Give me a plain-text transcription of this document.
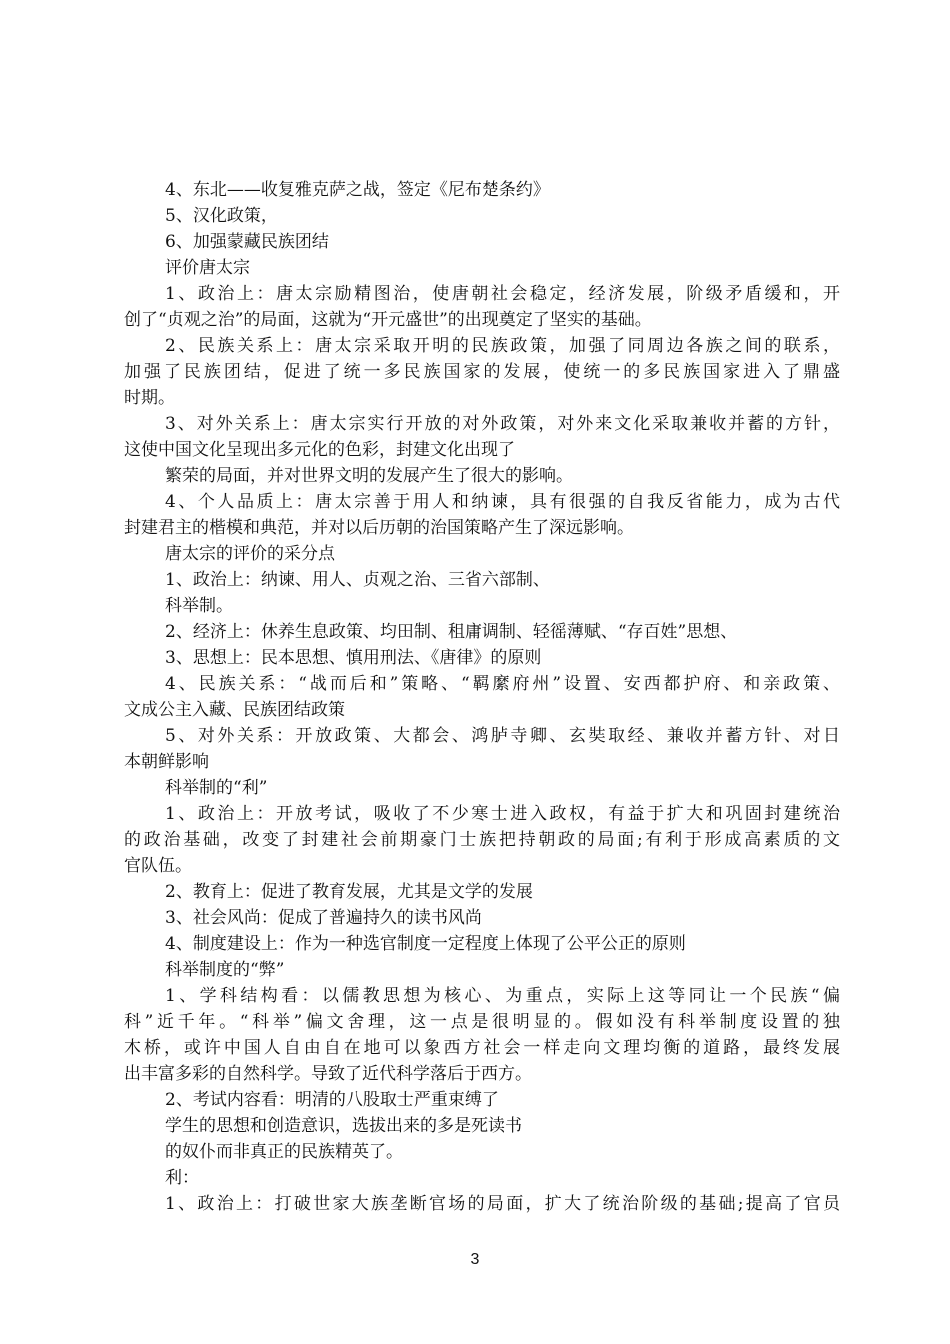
4、东北——收复雅克萨之战，签定《尼布楚条约》
5、汉化政策，
6、加强蒙藏民族团结
评价唐太宗
1、政治上：唐太宗励精图治，使唐朝社会稳定，经济发展，阶级矛盾缓和，开
创了“贞观之治”的局面，这就为“开元盛世”的出现奠定了坚实的基础。
2、民族关系上：唐太宗采取开明的民族政策，加强了同周边各族之间的联系，
加强了民族团结，促进了统一多民族国家的发展，使统一的多民族国家进入了鼎盛
时期。
3、对外关系上：唐太宗实行开放的对外政策，对外来文化采取兼收并蓄的方针，
这使中国文化呈现出多元化的色彩，封建文化出现了
繁荣的局面，并对世界文明的发展产生了很大的影响。
4、个人品质上：唐太宗善于用人和纳谏，具有很强的自我反省能力，成为古代
封建君主的楷模和典范，并对以后历朝的治国策略产生了深远影响。
唐太宗的评价的采分点
1、政治上：纳谏、用人、贞观之治、三省六部制、
科举制。
2、经济上：休养生息政策、均田制、租庸调制、轻徭薄赋、“存百姓”思想、
3、思想上：民本思想、慎用刑法、《唐律》的原则
4、民族关系：“战而后和”策略、“羁縻府州”设置、安西都护府、和亲政策、
文成公主入藏、民族团结政策
5、对外关系：开放政策、大都会、鸿胪寺卿、玄奘取经、兼收并蓄方针、对日
本朝鲜影响
科举制的“利”
1、政治上：开放考试，吸收了不少寒士进入政权，有益于扩大和巩固封建统治
的政治基础，改变了封建社会前期豪门士族把持朝政的局面;有利于形成高素质的文
官队伍。
2、教育上：促进了教育发展，尤其是文学的发展
3、社会风尚：促成了普遍持久的读书风尚
4、制度建设上：作为一种选官制度一定程度上体现了公平公正的原则
科举制度的“弊”
1、学科结构看：以儒教思想为核心、为重点，实际上这等同让一个民族“偏
科”近千年。“科举”偏文舍理，这一点是很明显的。假如没有科举制度设置的独
木桥，或许中国人自由自在地可以象西方社会一样走向文理均衡的道路，最终发展
出丰富多彩的自然科学。导致了近代科学落后于西方。
2、考试内容看：明清的八股取士严重束缚了
学生的思想和创造意识，选拔出来的多是死读书
的奴仆而非真正的民族精英了。
利：
1、政治上：打破世家大族垄断官场的局面，扩大了统治阶级的基础;提高了官员
3
